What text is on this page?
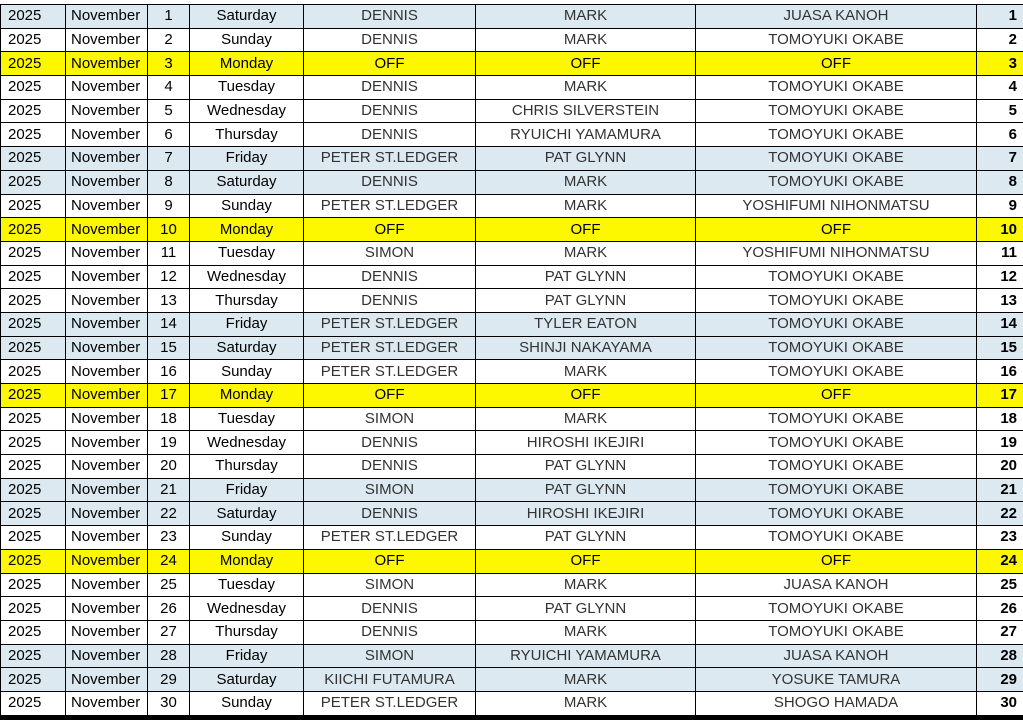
2025	November	1	Saturday	DENNIS	MARK	JUASA KANOH	1
2025	November	2	Sunday	DENNIS	MARK	TOMOYUKI OKABE	2
2025	November	3	Monday	OFF	OFF	OFF	3
2025	November	4	Tuesday	DENNIS	MARK	TOMOYUKI OKABE	4
2025	November	5	Wednesday	DENNIS	CHRIS SILVERSTEIN	TOMOYUKI OKABE	5
2025	November	6	Thursday	DENNIS	RYUICHI YAMAMURA	TOMOYUKI OKABE	6
2025	November	7	Friday	PETER ST.LEDGER	PAT GLYNN	TOMOYUKI OKABE	7
2025	November	8	Saturday	DENNIS	MARK	TOMOYUKI OKABE	8
2025	November	9	Sunday	PETER ST.LEDGER	MARK	YOSHIFUMI NIHONMATSU	9
2025	November	10	Monday	OFF	OFF	OFF	10
2025	November	11	Tuesday	SIMON	MARK	YOSHIFUMI NIHONMATSU	11
2025	November	12	Wednesday	DENNIS	PAT GLYNN	TOMOYUKI OKABE	12
2025	November	13	Thursday	DENNIS	PAT GLYNN	TOMOYUKI OKABE	13
2025	November	14	Friday	PETER ST.LEDGER	TYLER EATON	TOMOYUKI OKABE	14
2025	November	15	Saturday	PETER ST.LEDGER	SHINJI NAKAYAMA	TOMOYUKI OKABE	15
2025	November	16	Sunday	PETER ST.LEDGER	MARK	TOMOYUKI OKABE	16
2025	November	17	Monday	OFF	OFF	OFF	17
2025	November	18	Tuesday	SIMON	MARK	TOMOYUKI OKABE	18
2025	November	19	Wednesday	DENNIS	HIROSHI IKEJIRI	TOMOYUKI OKABE	19
2025	November	20	Thursday	DENNIS	PAT GLYNN	TOMOYUKI OKABE	20
2025	November	21	Friday	SIMON	PAT GLYNN	TOMOYUKI OKABE	21
2025	November	22	Saturday	DENNIS	HIROSHI IKEJIRI	TOMOYUKI OKABE	22
2025	November	23	Sunday	PETER ST.LEDGER	PAT GLYNN	TOMOYUKI OKABE	23
2025	November	24	Monday	OFF	OFF	OFF	24
2025	November	25	Tuesday	SIMON	MARK	JUASA KANOH	25
2025	November	26	Wednesday	DENNIS	PAT GLYNN	TOMOYUKI OKABE	26
2025	November	27	Thursday	DENNIS	MARK	TOMOYUKI OKABE	27
2025	November	28	Friday	SIMON	RYUICHI YAMAMURA	JUASA KANOH	28
2025	November	29	Saturday	KIICHI FUTAMURA	MARK	YOSUKE TAMURA	29
2025	November	30	Sunday	PETER ST.LEDGER	MARK	SHOGO HAMADA	30
